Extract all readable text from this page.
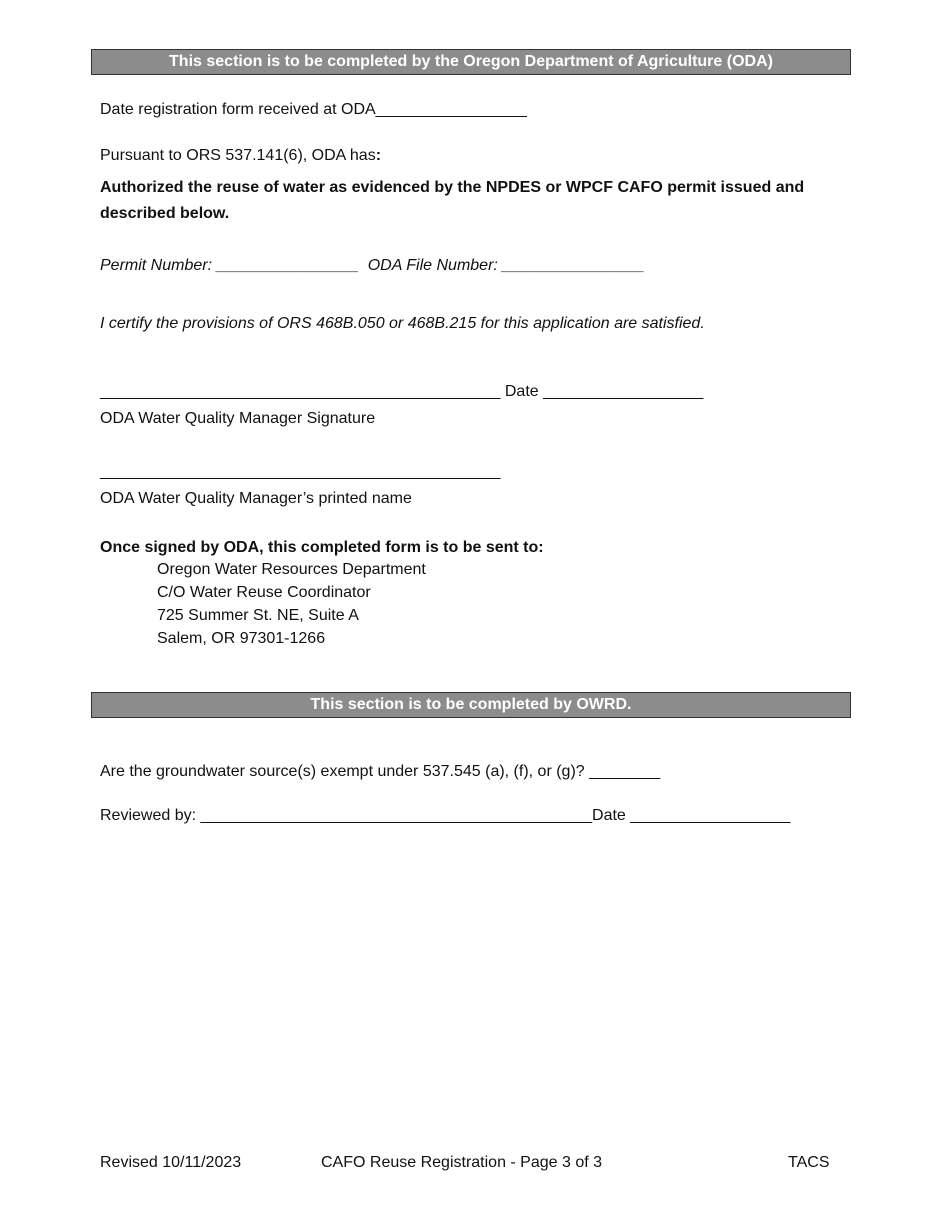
This section is to be completed by the Oregon Department of Agriculture (ODA)
Date registration form received at ODA_________________
Pursuant to ORS 537.141(6), ODA has:
Authorized the reuse of water as evidenced by the NPDES or WPCF CAFO permit issued and
described below.
Permit Number: ________________  ODA File Number: ________________
I certify the provisions of ORS 468B.050 or 468B.215 for this application are satisfied.
_____________________________________________ Date __________________
ODA Water Quality Manager Signature
_____________________________________________
ODA Water Quality Manager’s printed name
Once signed by ODA, this completed form is to be sent to:
Oregon Water Resources Department
C/O Water Reuse Coordinator
725 Summer St. NE, Suite A
Salem, OR 97301-1266
This section is to be completed by OWRD.
Are the groundwater source(s) exempt under 537.545 (a), (f), or (g)? ________
Reviewed by: ____________________________________________Date __________________
Revised 10/11/2023	CAFO Reuse Registration - Page 3 of 3	TACS
